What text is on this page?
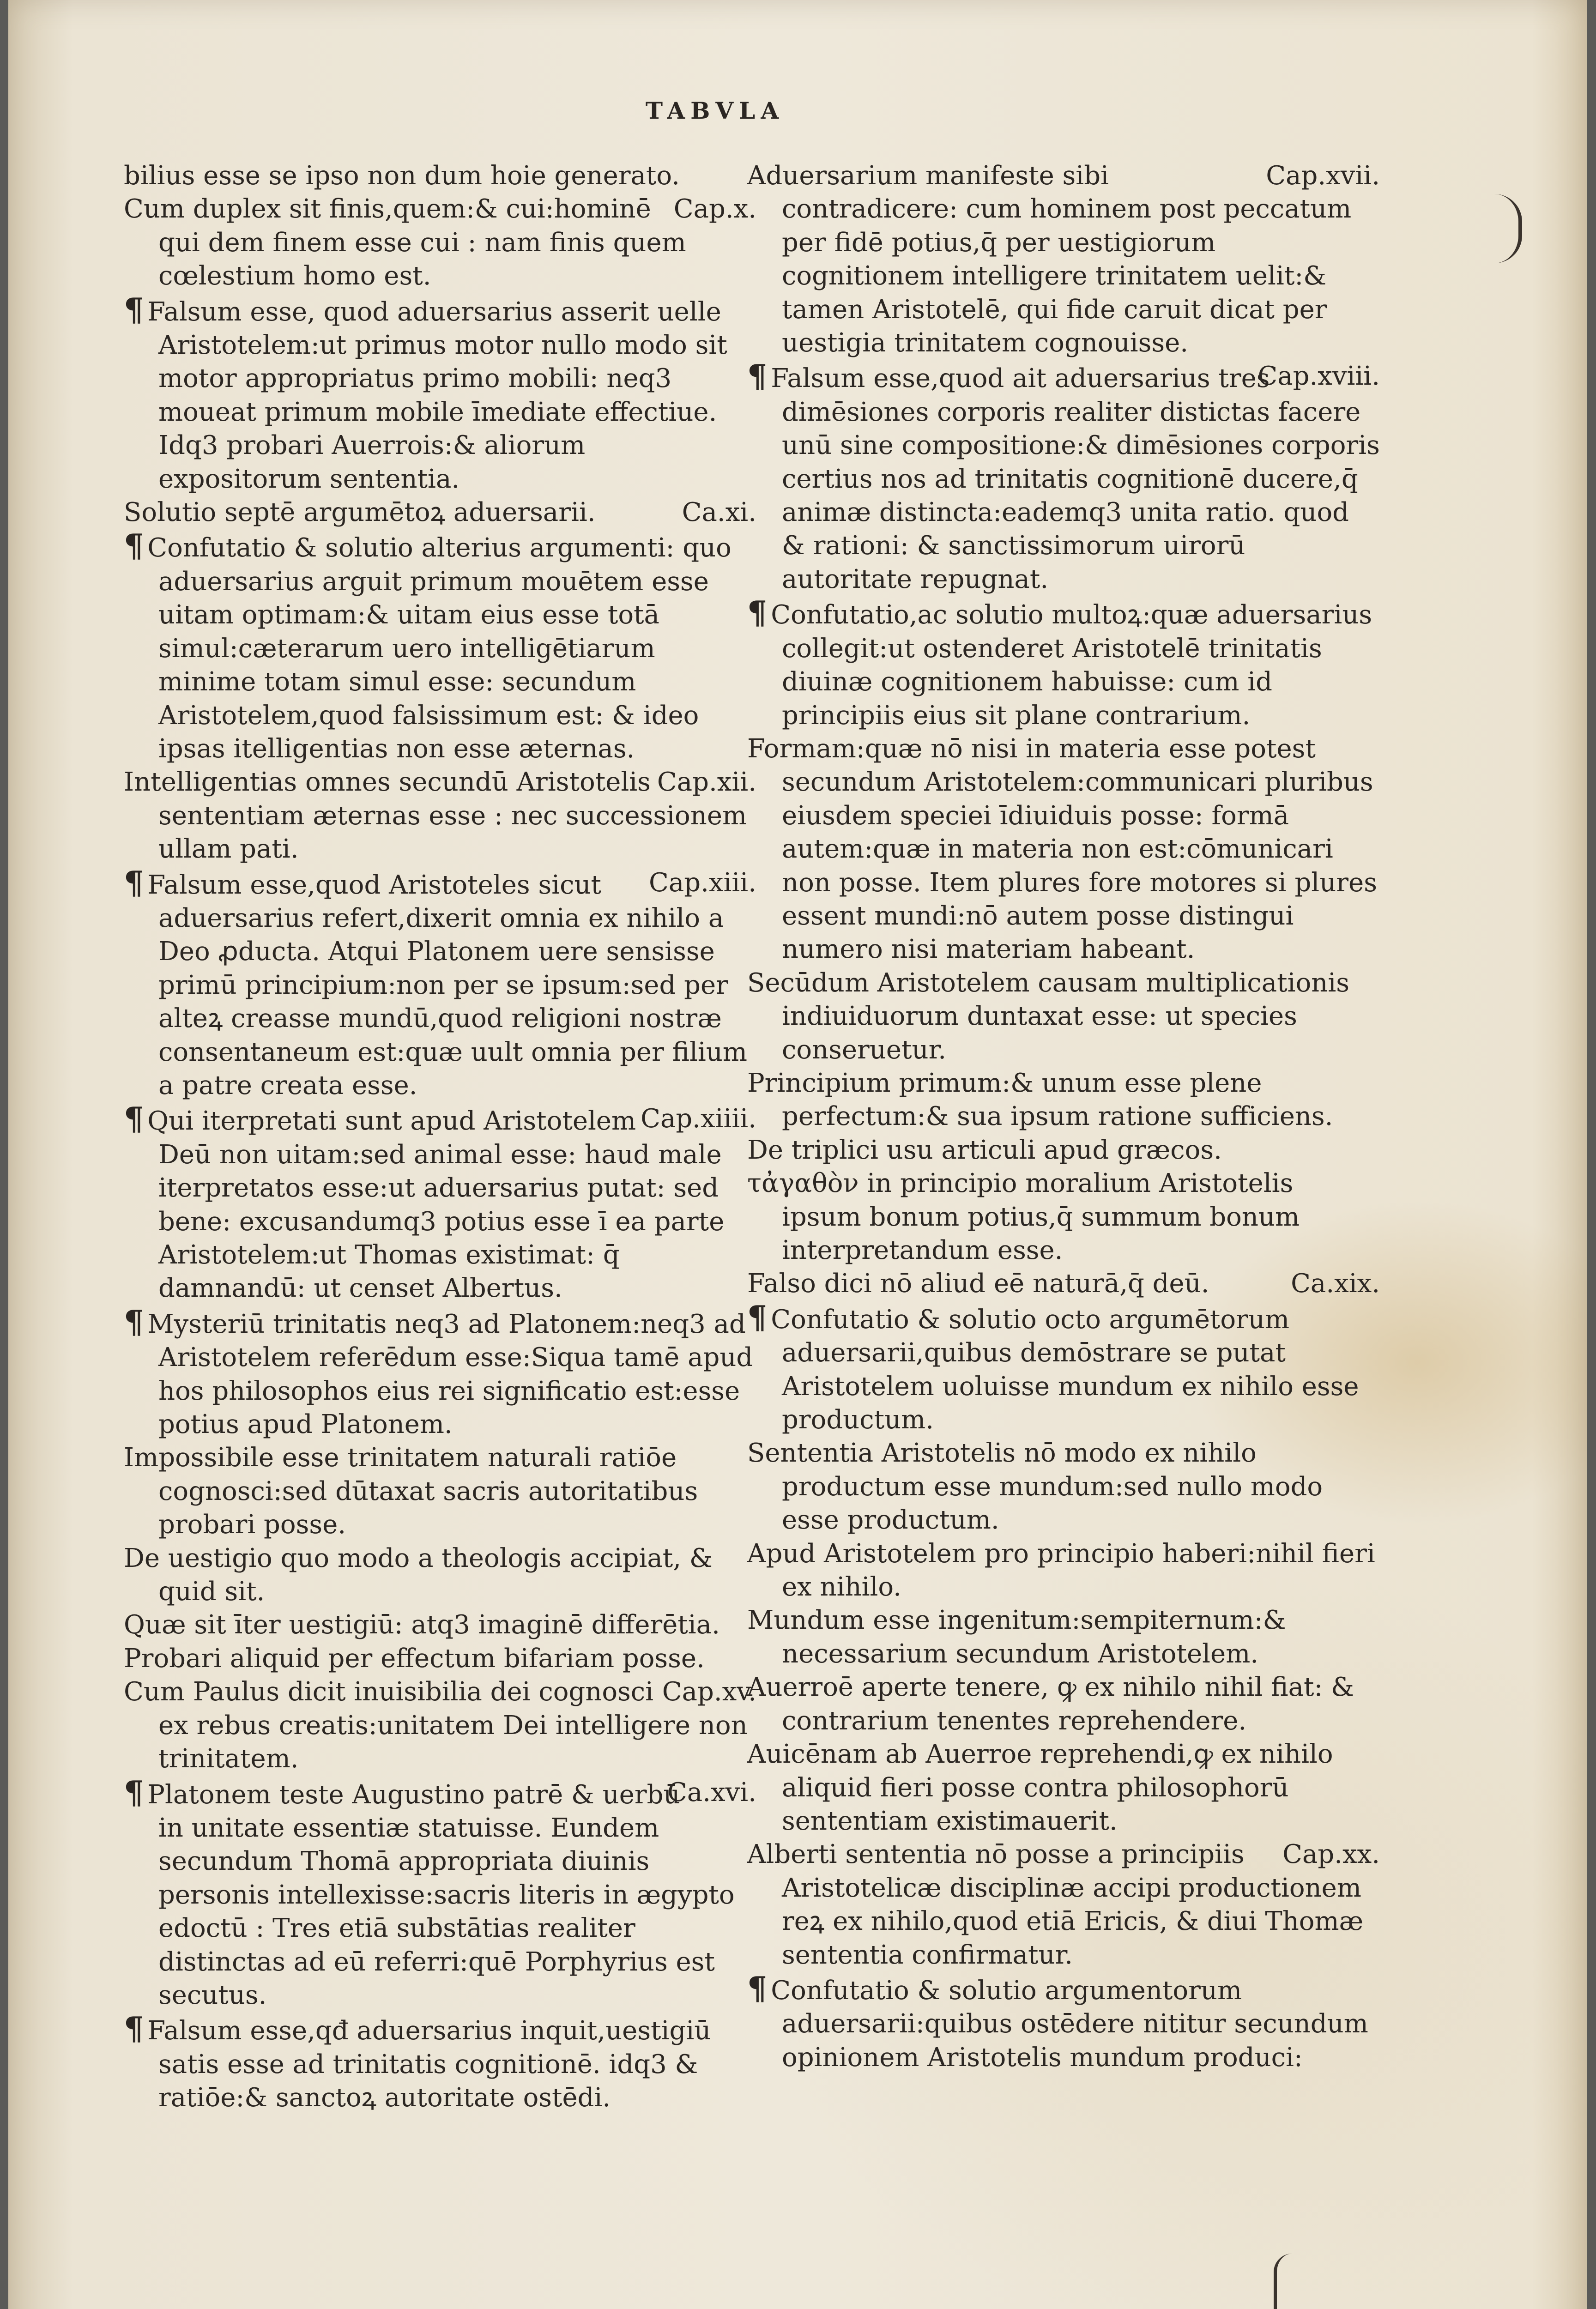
TABVLA

bilius esse se ipso non dum hoie generato.

Cap.x.
Cum duplex sit finis,quem:& cui:hominē qui dem finem esse cui : nam finis quem cœlestium homo est.

¶ Falsum esse, quod aduersarius asserit uelle Aristotelem:ut primus motor nullo modo sit motor appropriatus primo mobili: neq3 moueat primum mobile īmediate effectiue. Idq3 probari Auerrois:& aliorum expositorum sententia.

Ca.xi.
Solutio septē argumētoꝝ aduersarii.

¶ Confutatio & solutio alterius argumenti: quo aduersarius arguit primum mouētem esse uitam optimam:& uitam eius esse totā simul:cæterarum uero intelligētiarum minime totam simul esse: secundum Aristotelem,quod falsissimum est: & ideo ipsas itelligentias non esse æternas.

Cap.xii.
Intelligentias omnes secundū Aristotelis sententiam æternas esse : nec successionem ullam pati.

Cap.xiii.
¶ Falsum esse,quod Aristoteles sicut aduersarius refert,dixerit omnia ex nihilo a Deo ꝓducta. Atqui Platonem uere sensisse primū principium:non per se ipsum:sed per alteꝝ creasse mundū,quod religioni nostræ consentaneum est:quæ uult omnia per filium a patre creata esse.

Cap.xiiii.
¶ Qui iterpretati sunt apud Aristotelem Deū non uitam:sed animal esse: haud male iterpretatos esse:ut aduersarius putat: sed bene: excusandumq3 potius esse ī ea parte Aristotelem:ut Thomas existimat: q̄ damnandū: ut censet Albertus.

¶ Mysteriū trinitatis neq3 ad Platonem:neq3 ad Aristotelem referēdum esse:Siqua tamē apud hos philosophos eius rei significatio est:esse potius apud Platonem.

Impossibile esse trinitatem naturali ratiōe cognosci:sed dūtaxat sacris autoritatibus probari posse.

De uestigio quo modo a theologis accipiat, & quid sit.

Quæ sit īter uestigiū: atq3 imaginē differētia.

Probari aliquid per effectum bifariam posse.

Cap.xv.
Cum Paulus dicit inuisibilia dei cognosci ex rebus creatis:unitatem Dei intelligere non trinitatem.

Ca.xvi.
¶ Platonem teste Augustino patrē & uerbū in unitate essentiæ statuisse. Eundem secundum Thomā appropriata diuinis personis intellexisse:sacris literis in ægypto edoctū : Tres etiā substātias realiter distinctas ad eū referri:quē Porphyrius est secutus.

¶ Falsum esse,qđ aduersarius inquit,uestigiū satis esse ad trinitatis cognitionē. idq3 & ratiōe:& sanctoꝝ autoritate ostēdi.

Cap.xvii.
Aduersarium manifeste sibi contradicere: cum hominem post peccatum per fidē potius,q̄ per uestigiorum cognitionem intelligere trinitatem uelit:& tamen Aristotelē, qui fide caruit dicat per uestigia trinitatem cognouisse.

Cap.xviii.
¶ Falsum esse,quod ait aduersarius tres dimēsiones corporis realiter distictas facere unū sine compositione:& dimēsiones corporis certius nos ad trinitatis cognitionē ducere,q̄ animæ distincta:eademq3 unita ratio. quod & rationi: & sanctissimorum uirorū autoritate repugnat.

¶ Confutatio,ac solutio multoꝝ:quæ aduersarius collegit:ut ostenderet Aristotelē trinitatis diuinæ cognitionem habuisse: cum id principiis eius sit plane contrarium.

Formam:quæ nō nisi in materia esse potest secundum Aristotelem:communicari pluribus eiusdem speciei īdiuiduis posse: formā autem:quæ in materia non est:cōmunicari non posse. Item plures fore motores si plures essent mundi:nō autem posse distingui numero nisi materiam habeant.

Secūdum Aristotelem causam multiplicationis indiuiduorum duntaxat esse: ut species conseruetur.

Principium primum:& unum esse plene perfectum:& sua ipsum ratione sufficiens.

De triplici usu articuli apud græcos.

τἀγαθὸν in principio moralium Aristotelis ipsum bonum potius,q̄ summum bonum interpretandum esse.

Ca.xix.
Falso dici nō aliud eē naturā,q̄ deū.

¶ Confutatio & solutio octo argumētorum aduersarii,quibus demōstrare se putat Aristotelem uoluisse mundum ex nihilo esse productum.

Sententia Aristotelis nō modo ex nihilo productum esse mundum:sed nullo modo esse productum.

Apud Aristotelem pro principio haberi:nihil fieri ex nihilo.

Mundum esse ingenitum:sempiternum:& necessarium secundum Aristotelem.

Auerroē aperte tenere, ꝙ ex nihilo nihil fiat: & contrarium tenentes reprehendere.

Auicēnam ab Auerroe reprehendi,ꝙ ex nihilo aliquid fieri posse contra philosophorū sententiam existimauerit.

Cap.xx.
Alberti sententia nō posse a principiis Aristotelicæ disciplinæ accipi productionem reꝝ ex nihilo,quod etiā Ericis, & diui Thomæ sententia confirmatur.

¶ Confutatio & solutio argumentorum aduersarii:quibus ostēdere nititur secundum opinionem Aristotelis mundum produci:
